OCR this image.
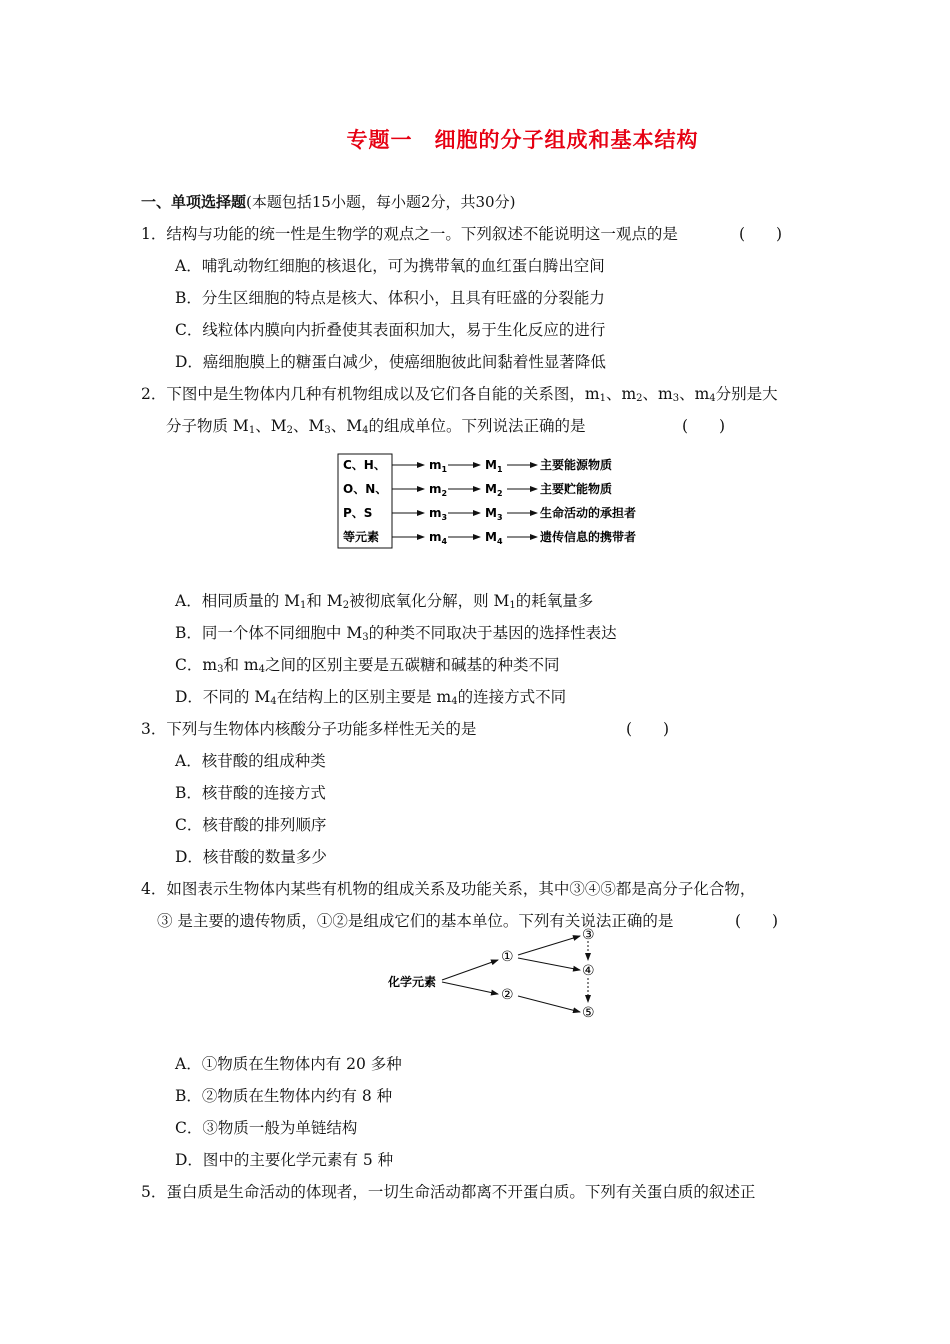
专题一　细胞的分子组成和基本结构
一、单项选择题(本题包括15小题，每小题2分，共30分)
1．结构与功能的统一性是生物学的观点之一。下列叙述不能说明这一观点的是	(　　)
A．哺乳动物红细胞的核退化，可为携带氧的血红蛋白腾出空间
B．分生区细胞的特点是核大、体积小，且具有旺盛的分裂能力
C．线粒体内膜向内折叠使其表面积加大，易于生化反应的进行
D．癌细胞膜上的糖蛋白减少，使癌细胞彼此间黏着性显著降低
2．下图中是生物体内几种有机物组成以及它们各自能的关系图，$m_1$、$m_2$、$m_3$、$m_4$分别是大
分子物质 $M_1$、$M_2$、$M_3$、$M_4$的组成单位。下列说法正确的是	(　　)
C、H、
O、N、
P、S
等元素
$m_1$	$M_1$	主要能源物质
$m_2$	$M_2$	主要贮能物质
$m_3$	$M_3$	生命活动的承担者
$m_4$	$M_4$	遗传信息的携带者
A．相同质量的 $M_1$和 $M_2$被彻底氧化分解，则 $M_1$的耗氧量多
B．同一个体不同细胞中 $M_3$的种类不同取决于基因的选择性表达
C．$m_3$和 $m_4$之间的区别主要是五碳糖和碱基的种类不同
D．不同的 $M_4$在结构上的区别主要是 $m_4$的连接方式不同
3．下列与生物体内核酸分子功能多样性无关的是	(　　)
A．核苷酸的组成种类
B．核苷酸的连接方式
C．核苷酸的排列顺序
D．核苷酸的数量多少
4．如图表示生物体内某些有机物的组成关系及功能关系，其中③④⑤都是高分子化合物，
③ 是主要的遗传物质，①②是组成它们的基本单位。下列有关说法正确的是	(　　)
化学元素
①
②
③
④
⑤
A．①物质在生物体内有 20 多种
B．②物质在生物体内约有 8 种
C．③物质一般为单链结构
D．图中的主要化学元素有 5 种
5．蛋白质是生命活动的体现者，一切生命活动都离不开蛋白质。下列有关蛋白质的叙述正
